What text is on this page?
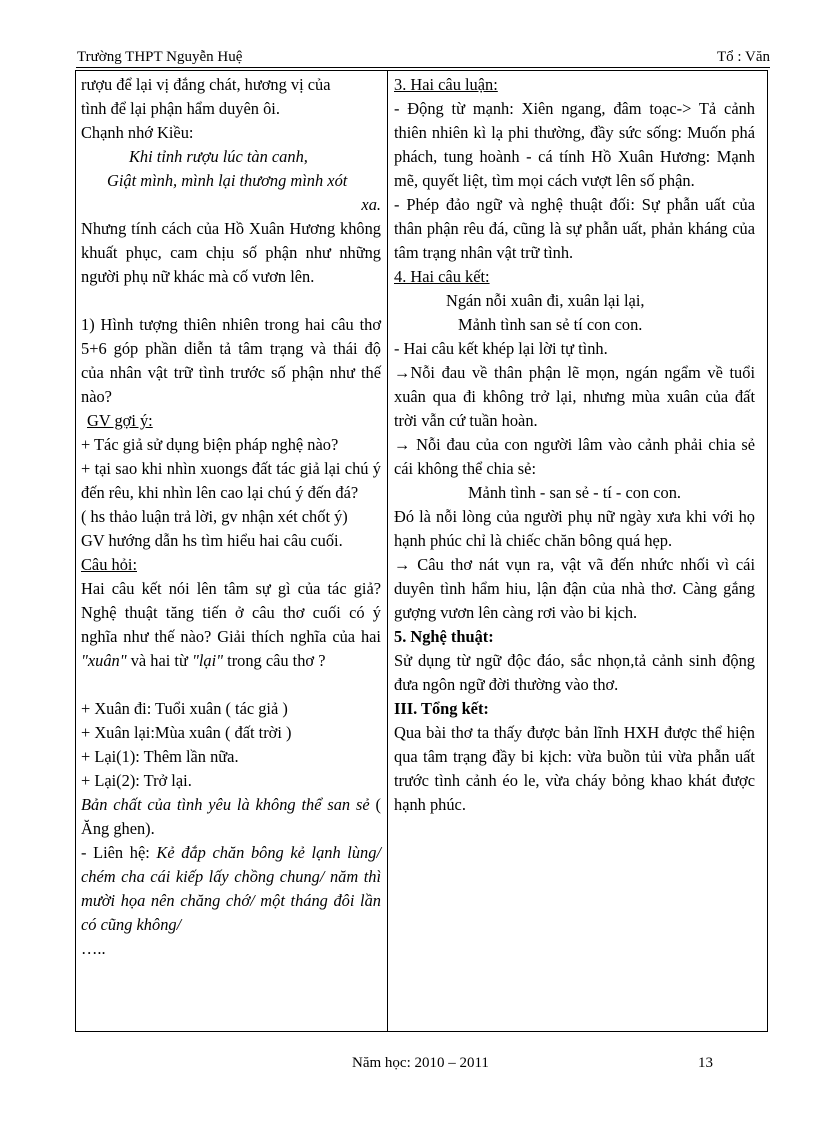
Trường THPT Nguyễn Huệ	Tổ : Văn

rượu để lại vị đắng chát, hương vị của

tình để lại phận hẩm duyên ôi.

Chạnh nhớ Kiều:

Khi tỉnh rượu lúc tàn canh,

Giật mình, mình lại thương mình xót

xa.

Nhưng tính cách của Hồ Xuân Hương không khuất phục, cam chịu số phận như những người phụ nữ khác mà cố vươn lên.

1) Hình tượng thiên nhiên trong hai câu thơ 5+6 góp phần diễn tả tâm trạng và thái độ của nhân vật trữ tình trước số phận như thế nào?

GV gợi ý:

+ Tác giả sử dụng biện pháp nghệ nào?

+ tại sao khi nhìn xuongs đất tác giả lại chú ý đến rêu, khi nhìn lên cao lại chú ý đến đá?

( hs thảo luận trả lời, gv nhận xét chốt ý)

GV hướng dẫn hs tìm hiểu hai câu cuối.

Câu hỏi:

Hai câu kết nói lên tâm sự gì của tác giả? Nghệ thuật tăng tiến ở câu thơ cuối có ý nghĩa như thế nào? Giải thích nghĩa của hai "xuân" và hai từ "lại" trong câu thơ ?

+ Xuân đi: Tuổi xuân ( tác giả )

+ Xuân lại:Mùa xuân ( đất trời )

+ Lại(1): Thêm lần nữa.

+ Lại(2): Trở lại.

Bản chất của tình yêu là không thể san sẻ ( Ăng ghen).

- Liên hệ: Kẻ đắp chăn bông kẻ lạnh lùng/ chém cha cái kiếp lấy chồng chung/ năm thì mười họa nên chăng chớ/ một tháng đôi lần có cũng không/

…..

3. Hai câu luận:

- Động từ mạnh: Xiên ngang, đâm toạc-> Tả cảnh thiên nhiên kì lạ phi thường, đầy sức sống: Muốn phá phách, tung hoành - cá tính Hồ Xuân Hương: Mạnh mẽ, quyết liệt, tìm mọi cách vượt lên số phận.

- Phép đảo ngữ và nghệ thuật đối: Sự phẫn uất của thân phận rêu đá, cũng là sự phẫn uất, phản kháng của tâm trạng nhân vật trữ tình.

4. Hai câu kết:

Ngán nỗi xuân đi, xuân lại lại,

Mảnh tình san sẻ tí con con.

- Hai câu kết khép lại lời tự tình.

→Nỗi đau về thân phận lẽ mọn, ngán ngẩm về tuổi xuân qua đi không trở lại, nhưng mùa xuân của đất trời vẫn cứ tuần hoàn.

→ Nỗi đau của con người lâm vào cảnh phải chia sẻ cái không thể chia sẻ:

Mảnh tình - san sẻ - tí - con con.

Đó là nỗi lòng của người phụ nữ ngày xưa khi với họ hạnh phúc chỉ là chiếc chăn bông quá hẹp.

→ Câu thơ nát vụn ra, vật vã đến nhức nhối vì cái duyên tình hẩm hiu, lận đận của nhà thơ. Càng gắng gượng vươn lên càng rơi vào bi kịch.

5. Nghệ thuật:

Sử dụng từ ngữ độc đáo, sắc nhọn,tả cảnh sinh động đưa ngôn ngữ đời thường vào thơ.

III. Tổng kết:

Qua bài thơ ta thấy được bản lĩnh HXH được thể hiện qua tâm trạng đầy bi kịch: vừa buồn tủi vừa phẫn uất trước tình cảnh éo le, vừa cháy bỏng khao khát được hạnh phúc.

Năm học: 2010 – 2011	13
